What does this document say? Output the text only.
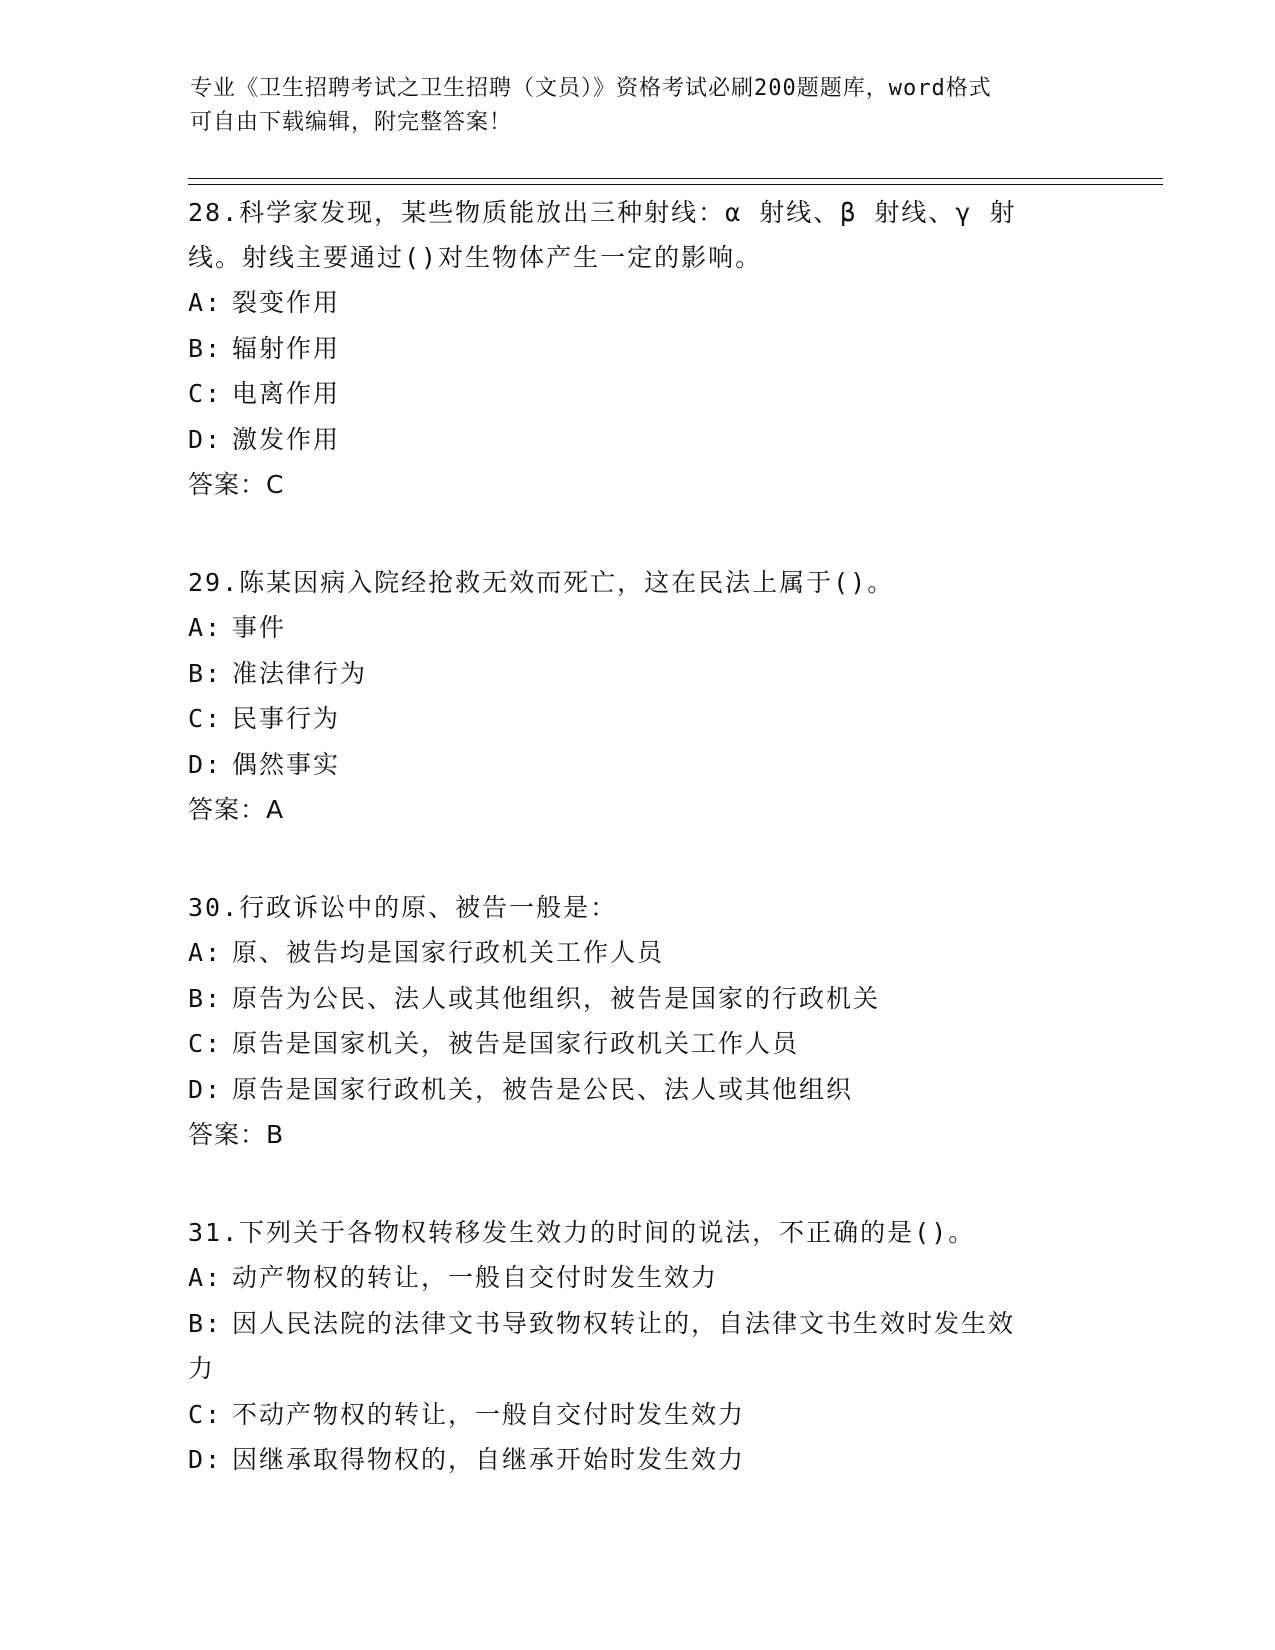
专业《卫生招聘考试之卫生招聘（文员）》资格考试必刷200题题库，word格式
可自由下载编辑，附完整答案！
28.科学家发现，某些物质能放出三种射线：α 射线、β 射线、γ 射
线。射线主要通过()对生物体产生一定的影响。
A: 裂变作用
B: 辐射作用
C: 电离作用
D: 激发作用
答案：C
29.陈某因病入院经抢救无效而死亡，这在民法上属于()。
A: 事件
B: 准法律行为
C: 民事行为
D: 偶然事实
答案：A
30.行政诉讼中的原、被告一般是：
A: 原、被告均是国家行政机关工作人员
B: 原告为公民、法人或其他组织，被告是国家的行政机关
C: 原告是国家机关，被告是国家行政机关工作人员
D: 原告是国家行政机关，被告是公民、法人或其他组织
答案：B
31.下列关于各物权转移发生效力的时间的说法，不正确的是()。
A: 动产物权的转让，一般自交付时发生效力
B: 因人民法院的法律文书导致物权转让的，自法律文书生效时发生效
力
C: 不动产物权的转让，一般自交付时发生效力
D: 因继承取得物权的，自继承开始时发生效力
